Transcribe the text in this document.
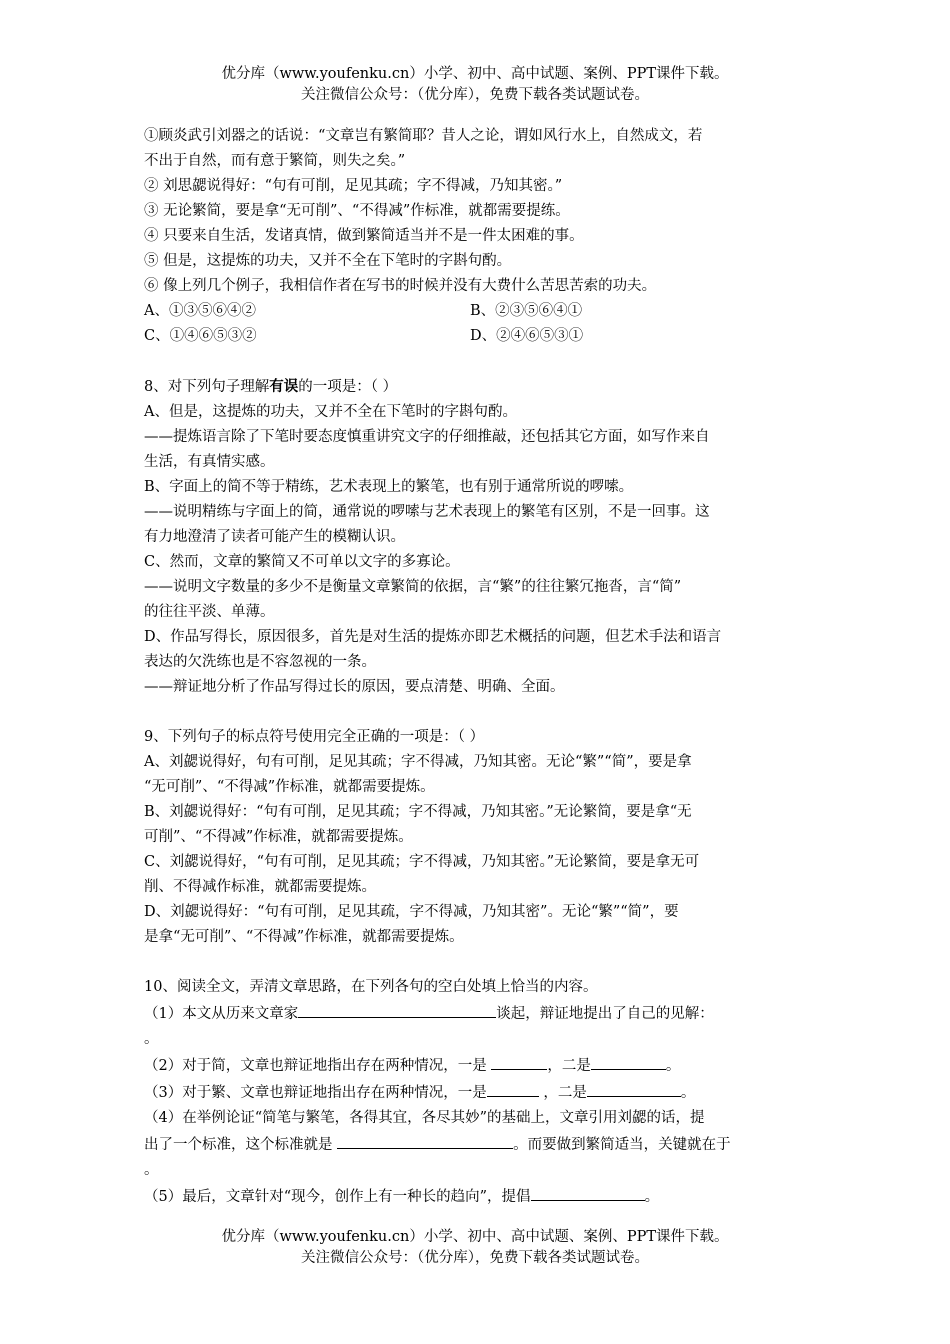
优分库（www.youfenku.cn）小学、初中、高中试题、案例、PPT课件下载。
关注微信公众号：（优分库），免费下载各类试题试卷。

①顾炎武引刘器之的话说：“文章岂有繁简耶？昔人之论，谓如风行水上，自然成文，若

不出于自然，而有意于繁简，则失之矣。”

② 刘思勰说得好：“句有可削，足见其疏；字不得减，乃知其密。”

③ 无论繁简，要是拿“无可削”、“不得减”作标准，就都需要提练。

④ 只要来自生活，发诸真情，做到繁简适当并不是一件太困难的事。

⑤ 但是，这提炼的功夫，又并不全在下笔时的字斟句酌。

⑥ 像上列几个例子，我相信作者在写书的时候并没有大费什么苦思苦索的功夫。

A、①③⑤⑥④②	B、②③⑤⑥④①

C、①④⑥⑤③②	D、②④⑥⑤③①

8、对下列句子理解有误的一项是：（ ）

A、但是，这提炼的功夫，又并不全在下笔时的字斟句酌。

——提炼语言除了下笔时要态度慎重讲究文字的仔细推敲，还包括其它方面，如写作来自

生活，有真情实感。

B、字面上的简不等于精练，艺术表现上的繁笔，也有别于通常所说的啰嗦。

——说明精练与字面上的简，通常说的啰嗦与艺术表现上的繁笔有区别，不是一回事。这

有力地澄清了读者可能产生的模糊认识。

C、然而，文章的繁简又不可单以文字的多寡论。

——说明文字数量的多少不是衡量文章繁简的依据，言“繁”的往往繁冗拖沓，言“简”

的往往平淡、单薄。

D、作品写得长，原因很多，首先是对生活的提炼亦即艺术概括的问题，但艺术手法和语言

表达的欠洗练也是不容忽视的一条。

——辩证地分析了作品写得过长的原因，要点清楚、明确、全面。

9、下列句子的标点符号使用完全正确的一项是：（ ）

A、刘勰说得好，句有可削，足见其疏；字不得减，乃知其密。无论“繁”“简”，要是拿

“无可削”、“不得减”作标准，就都需要提炼。

B、刘勰说得好：“句有可削，足见其疏；字不得减，乃知其密。”无论繁简，要是拿“无

可削”、“不得减”作标准，就都需要提炼。

C、刘勰说得好，“句有可削，足见其疏；字不得减，乃知其密。”无论繁简，要是拿无可

削、不得减作标准，就都需要提炼。

D、刘勰说得好：“句有可削，足见其疏，字不得减，乃知其密”。无论“繁”“简”，要

是拿“无可削”、“不得减”作标准，就都需要提炼。

10、阅读全文，弄清文章思路，在下列各句的空白处填上恰当的内容。

（1）本文从历来文章家	谈起，辩证地提出了自己的见解：

。

（2）对于简，文章也辩证地指出存在两种情况，一是	，二是	。

（3）对于繁、文章也辩证地指出存在两种情况，一是	，二是	。

（4）在举例论证“简笔与繁笔，各得其宜，各尽其妙”的基础上，文章引用刘勰的话，提

出了一个标准，这个标准就是	。而要做到繁简适当，关键就在于

。

（5）最后，文章针对“现今，创作上有一种长的趋向”，提倡	。

优分库（www.youfenku.cn）小学、初中、高中试题、案例、PPT课件下载。
关注微信公众号：（优分库），免费下载各类试题试卷。
